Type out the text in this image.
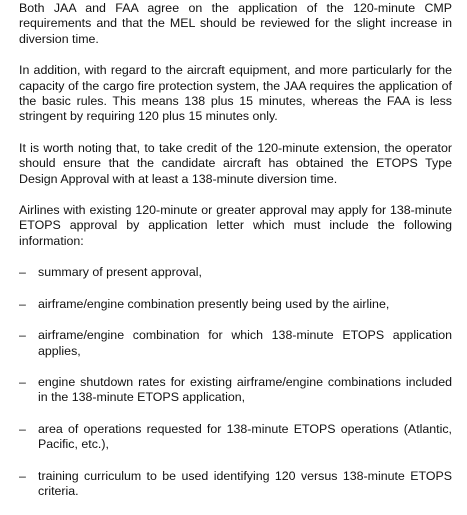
Both JAA and FAA agree on the application of the 120-minute CMP requirements and that the MEL should be reviewed for the slight increase in diversion time.

In addition, with regard to the aircraft equipment, and more particularly for the capacity of the cargo fire protection system, the JAA requires the application of the basic rules. This means 138 plus 15 minutes, whereas the FAA is less stringent by requiring 120 plus 15 minutes only.

It is worth noting that, to take credit of the 120-minute extension, the operator should ensure that the candidate aircraft has obtained the ETOPS Type Design Approval with at least a 138-minute diversion time.

Airlines with existing 120-minute or greater approval may apply for 138-minute ETOPS approval by application letter which must include the following information:

– summary of present approval,
– airframe/engine combination presently being used by the airline,
– airframe/engine combination for which 138-minute ETOPS application applies,
– engine shutdown rates for existing airframe/engine combinations included in the 138-minute ETOPS application,
– area of operations requested for 138-minute ETOPS operations (Atlantic, Pacific, etc.),
– training curriculum to be used identifying 120 versus 138-minute ETOPS criteria.
